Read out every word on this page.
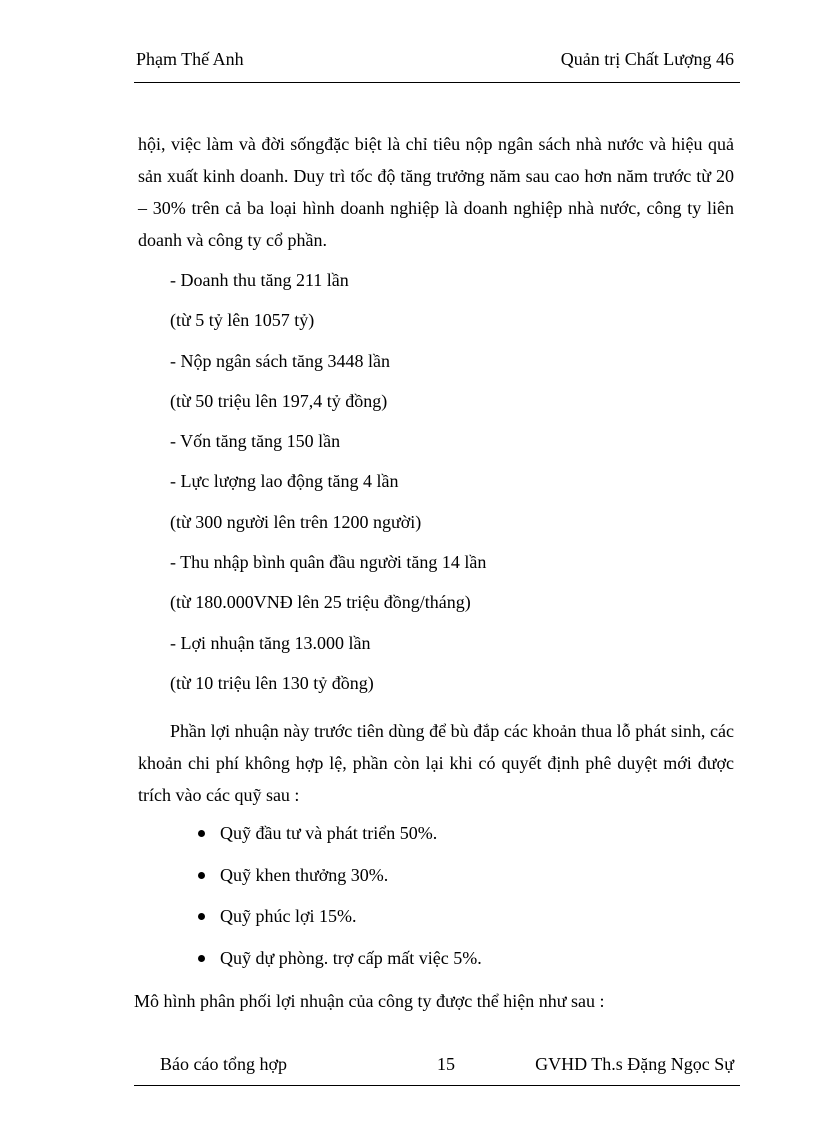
Phạm Thế Anh	Quản trị Chất Lượng 46

hội, việc làm và đời sốngđặc biệt là chỉ tiêu nộp ngân sách nhà nước và hiệu quả sản xuất kinh doanh. Duy trì tốc độ tăng trưởng năm sau cao hơn năm trước từ 20 – 30% trên cả ba loại hình doanh nghiệp là doanh nghiệp nhà nước, công ty liên doanh và công ty cổ phần.

- Doanh thu tăng 211 lần
(từ 5 tỷ lên 1057 tỷ)
- Nộp ngân sách tăng 3448 lần
(từ 50 triệu lên 197,4 tỷ đồng)
- Vốn tăng tăng 150 lần
- Lực lượng lao động tăng 4 lần
(từ 300 người lên trên 1200 người)
- Thu nhập bình quân đầu người tăng 14 lần
(từ 180.000VNĐ lên 25 triệu đồng/tháng)
- Lợi nhuận tăng 13.000 lần
(từ 10 triệu lên 130 tỷ đồng)

Phần lợi nhuận này trước tiên dùng để bù đắp các khoản thua lỗ phát sinh, các khoản chi phí không hợp lệ, phần còn lại khi có quyết định phê duyệt mới được trích vào các quỹ sau :

Quỹ đầu tư và phát triển 50%.
Quỹ khen thưởng 30%.
Quỹ phúc lợi 15%.
Quỹ dự phòng. trợ cấp mất việc 5%.

Mô hình phân phối lợi nhuận của công ty được thể hiện như sau :

Báo cáo tổng hợp	15	GVHD Th.s Đặng Ngọc Sự
